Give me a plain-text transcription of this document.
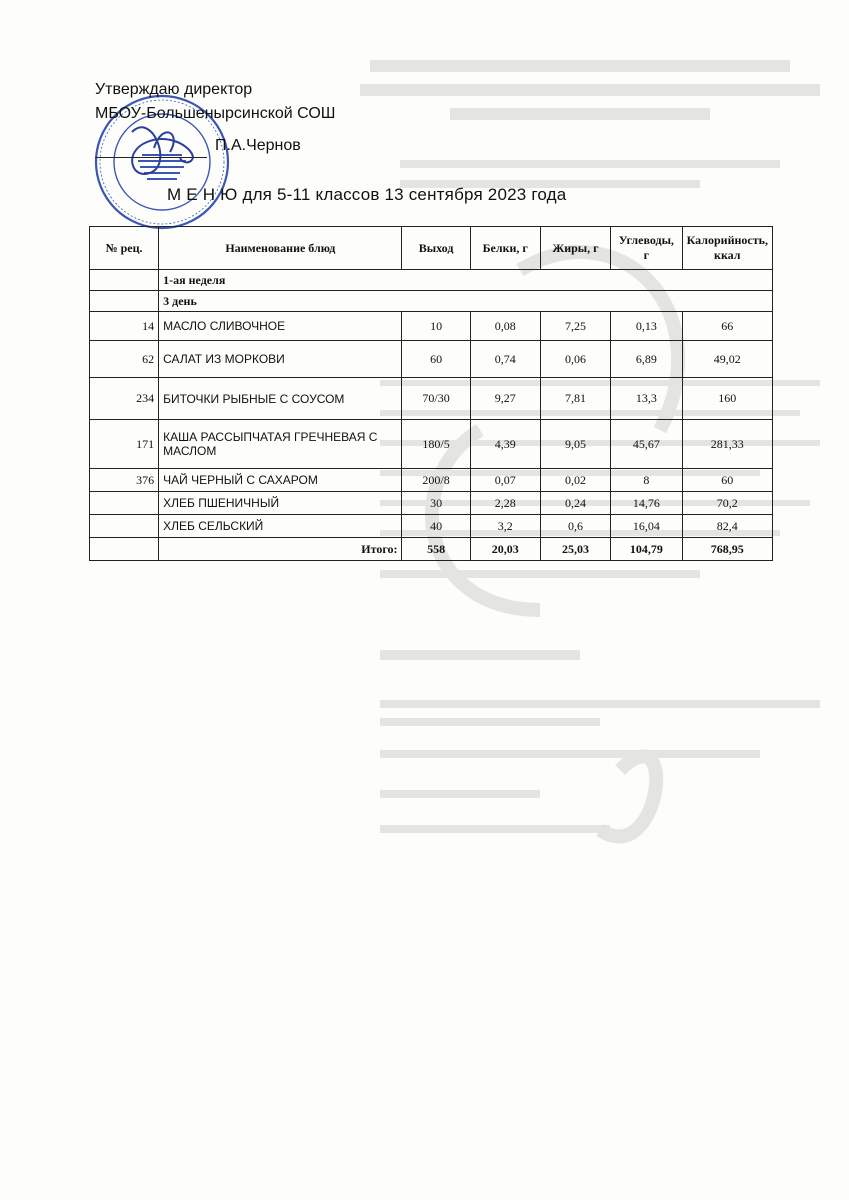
Утверждаю директор
МБОУ-Большеныpсинской СОШ
П.А.Чернов
М Е Н Ю для 5-11 классов 13 сентября 2023 года
№ рец.	Наименование блюд	Выход	Белки, г	Жиры, г	Углеводы, г	Калорийность, ккал
	1-ая неделя					
	3 день					
14	МАСЛО СЛИВОЧНОЕ	10	0,08	7,25	0,13	66
62	САЛАТ ИЗ МОРКОВИ	60	0,74	0,06	6,89	49,02
234	БИТОЧКИ РЫБНЫЕ С СОУСОМ	70/30	9,27	7,81	13,3	160
171	КАША РАССЫПЧАТАЯ ГРЕЧНЕВАЯ С МАСЛОМ	180/5	4,39	9,05	45,67	281,33
376	ЧАЙ ЧЕРНЫЙ С САХАРОМ	200/8	0,07	0,02	8	60
	ХЛЕБ ПШЕНИЧНЫЙ	30	2,28	0,24	14,76	70,2
	ХЛЕБ СЕЛЬСКИЙ	40	3,2	0,6	16,04	82,4
	Итого:	558	20,03	25,03	104,79	768,95
